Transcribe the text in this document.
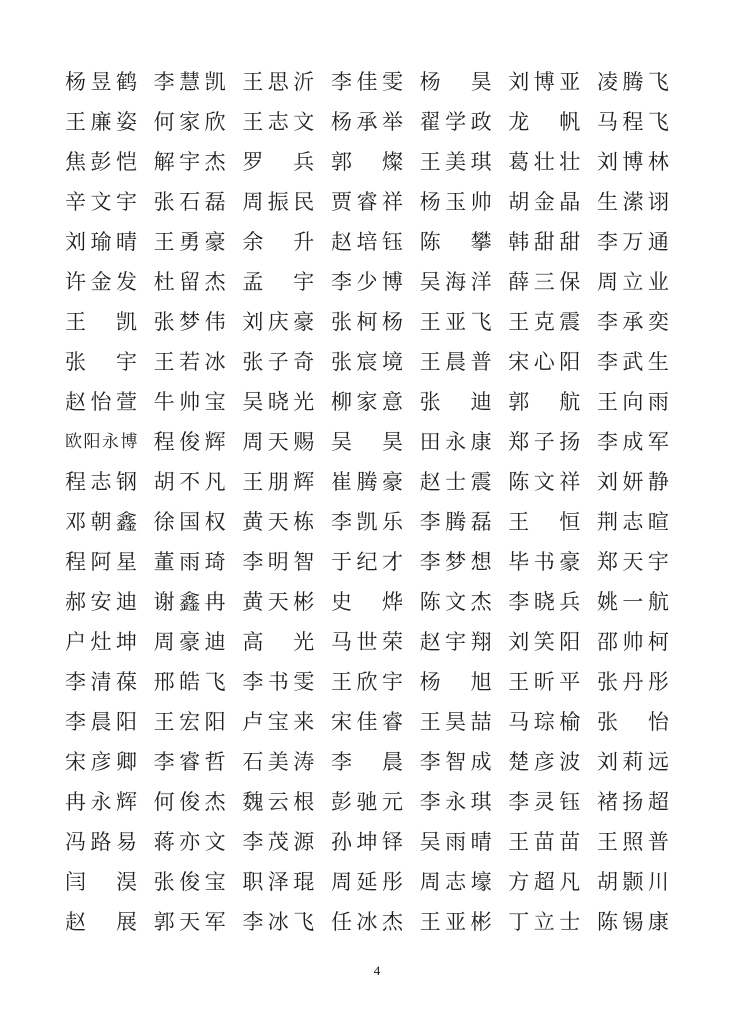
杨昱鹤 李慧凯 王思沂 李佳雯 杨昊 刘博亚 凌腾飞
王廉姿 何家欣 王志文 杨承举 翟学政 龙帆 马程飞
焦彭恺 解宇杰 罗兵 郭燦 王美琪 葛壮壮 刘博林
辛文宇 张石磊 周振民 贾睿祥 杨玉帅 胡金晶 生潆诩
刘瑜晴 王勇豪 余升 赵培钰 陈攀 韩甜甜 李万通
许金发 杜留杰 孟宇 李少博 吴海洋 薛三保 周立业
王凯 张梦伟 刘庆豪 张柯杨 王亚飞 王克震 李承奕
张宇 王若冰 张子奇 张宸境 王晨普 宋心阳 李武生
赵怡萱 牛帅宝 吴晓光 柳家意 张迪 郭航 王向雨
欧阳永博 程俊辉 周天赐 吴昊 田永康 郑子扬 李成军
程志钢 胡不凡 王朋辉 崔腾豪 赵士震 陈文祥 刘妍静
邓朝鑫 徐国权 黄天栋 李凯乐 李腾磊 王恒 荆志暄
程阿星 董雨琦 李明智 于纪才 李梦想 毕书豪 郑天宇
郝安迪 谢鑫冉 黄天彬 史烨 陈文杰 李晓兵 姚一航
户灶坤 周豪迪 高光 马世荣 赵宇翔 刘笑阳 邵帅柯
李清葆 邢皓飞 李书雯 王欣宇 杨旭 王昕平 张丹彤
李晨阳 王宏阳 卢宝来 宋佳睿 王昊喆 马琮榆 张怡
宋彦卿 李睿哲 石美涛 李晨 李智成 楚彦波 刘莉远
冉永辉 何俊杰 魏云根 彭驰元 李永琪 李灵钰 褚扬超
冯路易 蒋亦文 李茂源 孙坤铎 吴雨晴 王苗苗 王照普
闫淏 张俊宝 职泽琨 周延彤 周志壕 方超凡 胡颢川
赵展 郭天军 李冰飞 任冰杰 王亚彬 丁立士 陈锡康
4
